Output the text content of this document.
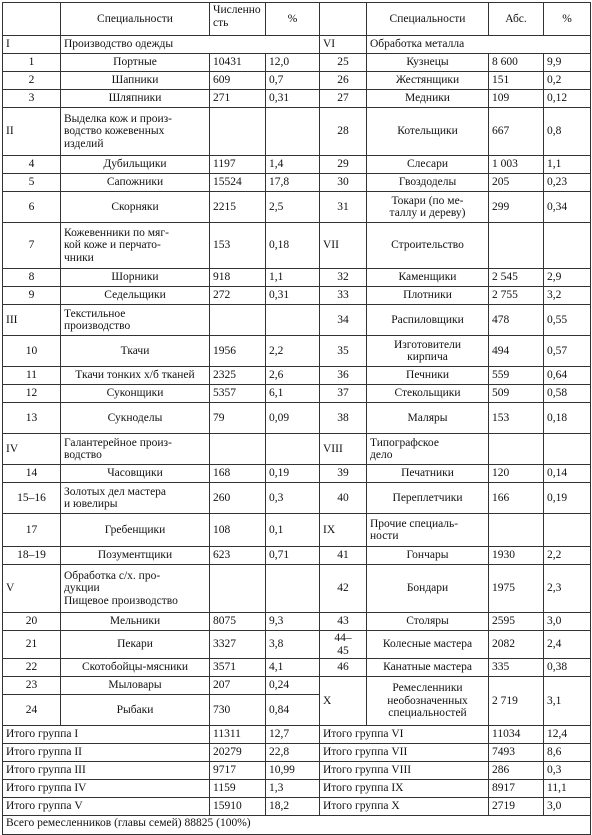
	Специальности	Численность	%		Специальности	Абс.	%
I	Производство одежды			VI	Обработка металла		
1	Портные	10431	12,0	25	Кузнецы	8 600	9,9
2	Шапники	609	0,7	26	Жестянщики	151	0,2
3	Шляпники	271	0,31	27	Медники	109	0,12
II	Выделка кож и произ-
водство кожевенных
изделий			28	Котельщики	667	0,8
4	Дубильщики	1197	1,4	29	Слесари	1 003	1,1
5	Сапожники	15524	17,8	30	Гвоздоделы	205	0,23
6	Скорняки	2215	2,5	31	Токари (по ме-
таллу и дереву)	299	0,34
7	Кожевенники по мяг-
кой коже и перчато-
чники	153	0,18	VII	Строительство		
8	Шорники	918	1,1	32	Каменщики	2 545	2,9
9	Седельщики	272	0,31	33	Плотники	2 755	3,2
III	Текстильное
производство			34	Распиловщики	478	0,55
10	Ткачи	1956	2,2	35	Изготовители
кирпича	494	0,57
11	Ткачи тонких х/б тканей	2325	2,6	36	Печники	559	0,64
12	Суконщики	5357	6,1	37	Стекольщики	509	0,58
13	Сукноделы	79	0,09	38	Маляры	153	0,18
IV	Галантерейное произ-
водство			VIII	Типографское
дело		
14	Часовщики	168	0,19	39	Печатники	120	0,14
15–16	Золотых дел мастера
и ювелиры	260	0,3	40	Переплетчики	166	0,19
17	Гребенщики	108	0,1	IX	Прочие специаль-
ности		
18–19	Позументщики	623	0,71	41	Гончары	1930	2,2
V	Обработка с/х. про-
дукции
Пищевое производство			42	Бондари	1975	2,3
20	Мельники	8075	9,3	43	Столяры	2595	3,0
21	Пекари	3327	3,8	44–
45	Колесные мастера	2082	2,4
22	Скотобойцы-мясники	3571	4,1	46	Канатные мастера	335	0,38
23	Мыловары	207	0,24	X	Ремесленники
необозначенных
специальностей	2 719	3,1
24	Рыбаки	730	0,84				
Итого группа I		11311	12,7	Итого группа VI		11034	12,4
Итого группа II		20279	22,8	Итого группа VII		7493	8,6
Итого группа III		9717	10,99	Итого группа VIII		286	0,3
Итого группа IV		1159	1,3	Итого группа IX		8917	11,1
Итого группа V		15910	18,2	Итого группа X		2719	3,0
Всего ремесленников (главы семей) 88825 (100%)							
